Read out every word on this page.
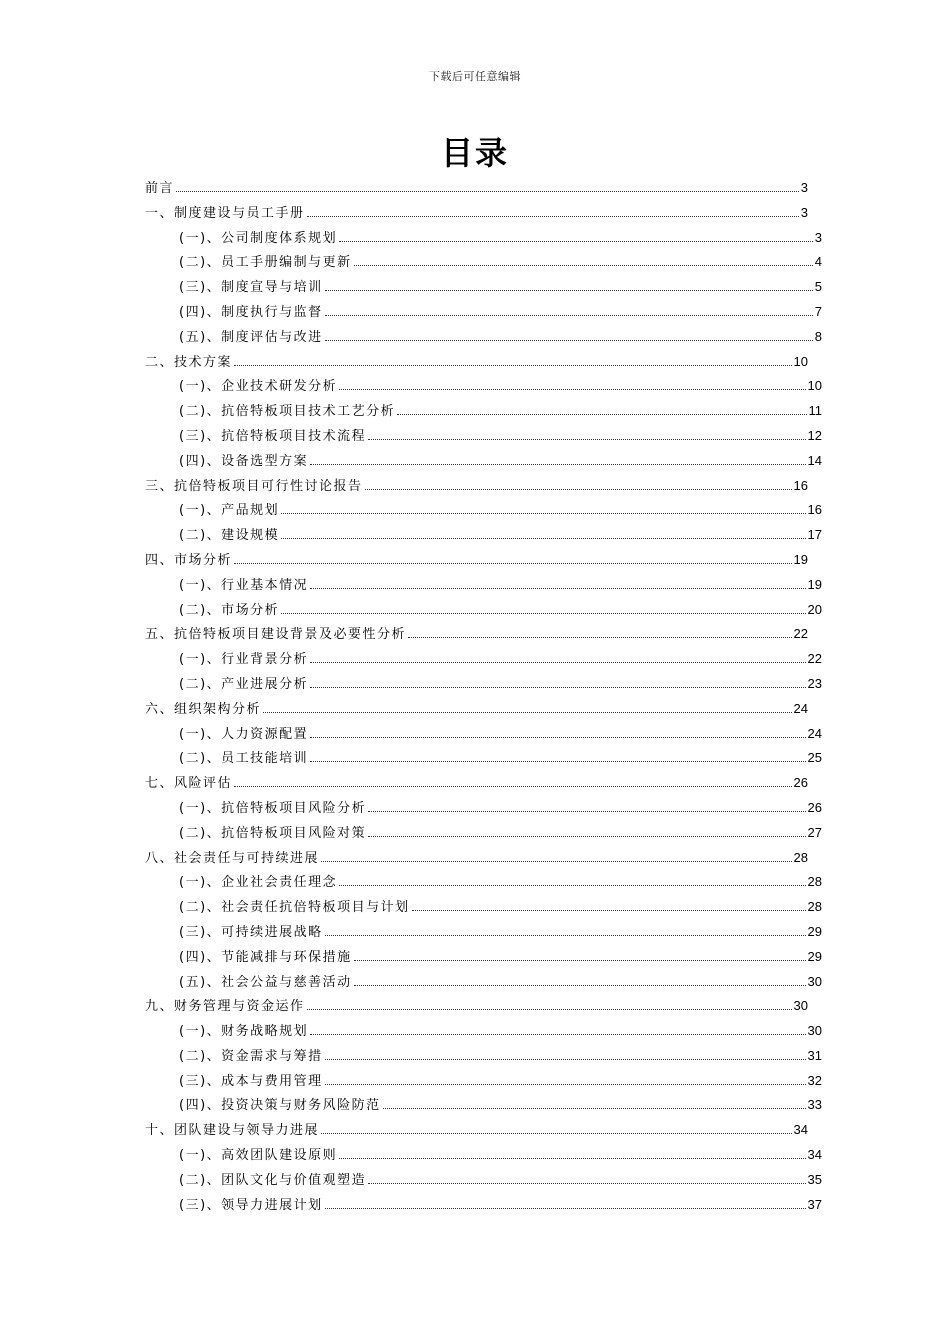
下载后可任意编辑
目录
前言	3
一、制度建设与员工手册	3
(一)、公司制度体系规划	3
(二)、员工手册编制与更新	4
(三)、制度宣导与培训	5
(四)、制度执行与监督	7
(五)、制度评估与改进	8
二、技术方案	10
(一)、企业技术研发分析	10
(二)、抗倍特板项目技术工艺分析	11
(三)、抗倍特板项目技术流程	12
(四)、设备选型方案	14
三、抗倍特板项目可行性讨论报告	16
(一)、产品规划	16
(二)、建设规模	17
四、市场分析	19
(一)、行业基本情况	19
(二)、市场分析	20
五、抗倍特板项目建设背景及必要性分析	22
(一)、行业背景分析	22
(二)、产业进展分析	23
六、组织架构分析	24
(一)、人力资源配置	24
(二)、员工技能培训	25
七、风险评估	26
(一)、抗倍特板项目风险分析	26
(二)、抗倍特板项目风险对策	27
八、社会责任与可持续进展	28
(一)、企业社会责任理念	28
(二)、社会责任抗倍特板项目与计划	28
(三)、可持续进展战略	29
(四)、节能减排与环保措施	29
(五)、社会公益与慈善活动	30
九、财务管理与资金运作	30
(一)、财务战略规划	30
(二)、资金需求与筹措	31
(三)、成本与费用管理	32
(四)、投资决策与财务风险防范	33
十、团队建设与领导力进展	34
(一)、高效团队建设原则	34
(二)、团队文化与价值观塑造	35
(三)、领导力进展计划	37
